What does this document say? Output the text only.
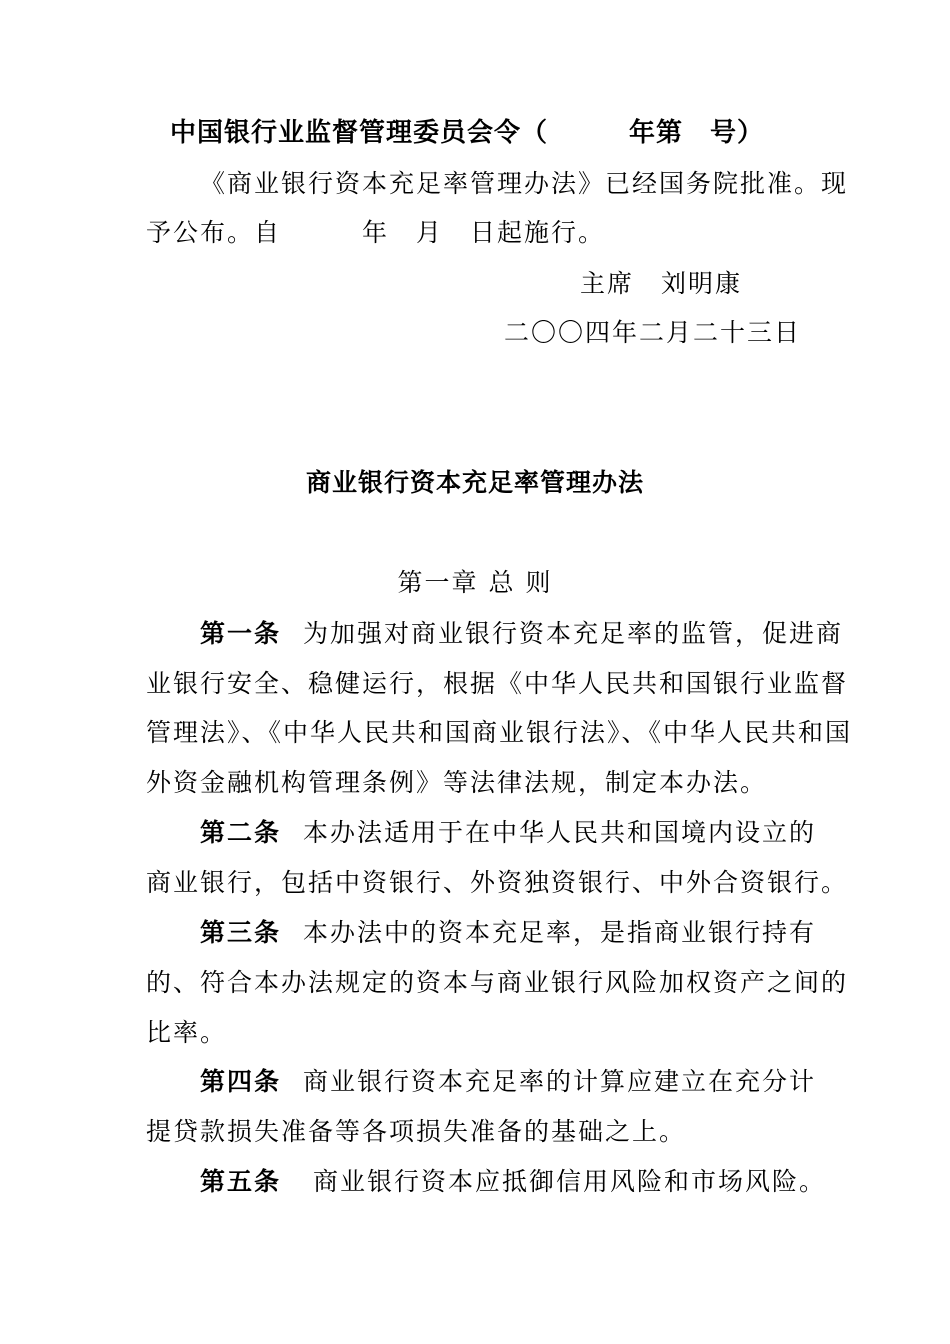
中国银行业监督管理委员会令（　　　年第　号）
《商业银行资本充足率管理办法》已经国务院批准。现
予公布。自　　　年　月　日起施行。
主席　刘明康
二〇〇四年二月二十三日
商业银行资本充足率管理办法
第一章 总 则
第一条 为加强对商业银行资本充足率的监管，促进商
业银行安全、稳健运行，根据《中华人民共和国银行业监督
管理法》、《中华人民共和国商业银行法》、《中华人民共和国
外资金融机构管理条例》等法律法规，制定本办法。
第二条 本办法适用于在中华人民共和国境内设立的
商业银行，包括中资银行、外资独资银行、中外合资银行。
第三条 本办法中的资本充足率，是指商业银行持有
的、符合本办法规定的资本与商业银行风险加权资产之间的
比率。
第四条 商业银行资本充足率的计算应建立在充分计
提贷款损失准备等各项损失准备的基础之上。
第五条 商业银行资本应抵御信用风险和市场风险。
